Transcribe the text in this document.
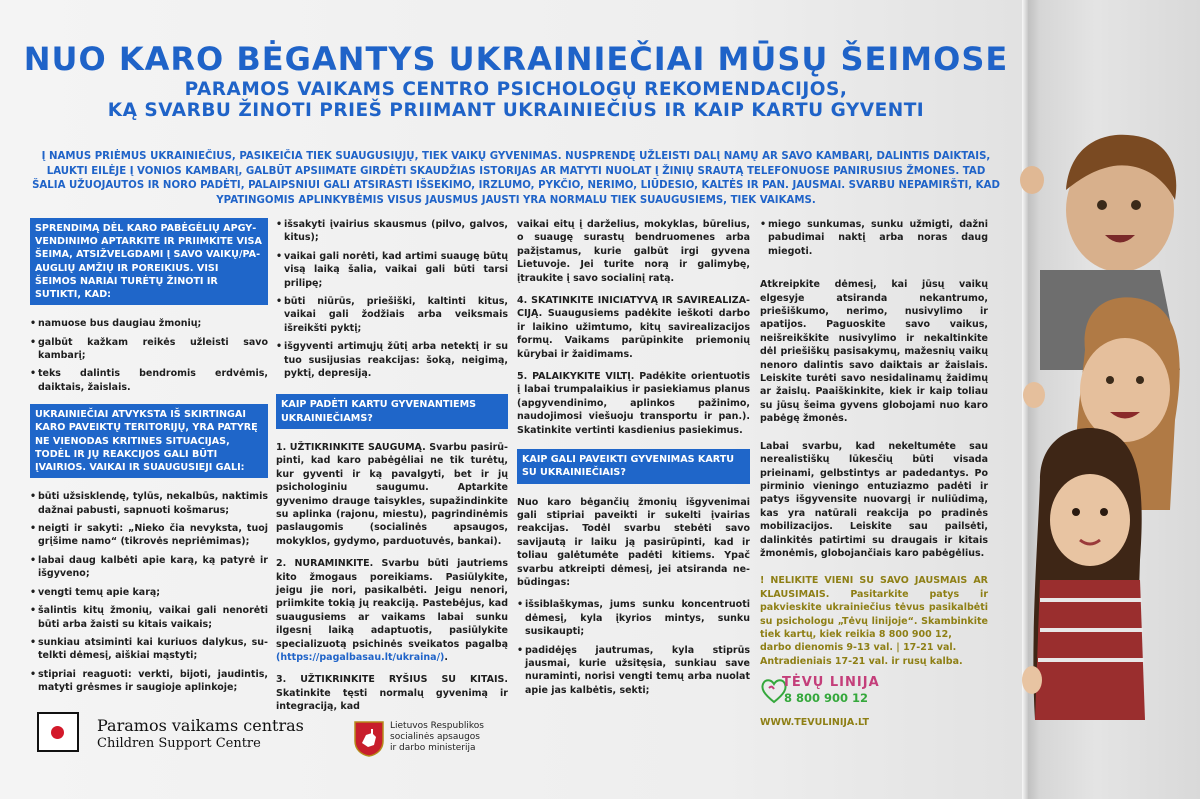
NUO KARO BĖGANTYS UKRAINIEČIAI MŪSŲ ŠEIMOSE
PARAMOS VAIKAMS CENTRO PSICHOLOGŲ REKOMENDACIJOS,
KĄ SVARBU ŽINOTI PRIEŠ PRIIMANT UKRAINIEČIUS IR KAIP KARTU GYVENTI

Į NAMUS PRIĖMUS UKRAINIEČIUS, PASIKEIČIA TIEK SUAUGUSIŲJŲ, TIEK VAIKŲ GYVENIMAS. NUSPRENDĘ UŽLEISTI DALĮ NAMŲ AR SAVO KAMBARĮ, DALINTIS DAIKTAIS, LAUKTI EILĖJE Į VONIOS KAMBARĮ, GALBŪT APSIIMATE GIRDĖTI SKAUDŽIAS ISTORIJAS AR MATYTI NUOLAT Į ŽINIŲ SRAUTĄ TELEFONUOSE PANIRUSIUS ŽMONES. TAD ŠALIA UŽUOJAUTOS IR NORO PADĖTI, PALAIPSNIUI GALI ATSIRASTI IŠSEKIMO, IRZLUMO, PYKČIO, NERIMO, LIŪDESIO, KALTĖS IR PAN. JAUSMAI. SVARBU NEPAMIRŠTI, KAD YPATINGOMIS APLINKYBĖMIS VISUS JAUSMUS JAUSTI YRA NORMALU TIEK SUAUGUSIEMS, TIEK VAIKAMS.

SPRENDIMĄ DĖL KARO PABĖGĖLIŲ APGYVENDINIMO APTARKITE IR PRIIMKITE VISA ŠEIMA, ATSIŽVELGDAMI Į SAVO VAIKŲ/PAAUGLIŲ AMŽIŲ IR POREIKIUS. VISI ŠEIMOS NARIAI TURĖTŲ ŽINOTI IR SUTIKTI, KAD:
• namuose bus daugiau žmonių;
• galbūt kažkam reikės užleisti savo kambarį;
• teks dalintis bendromis erdvėmis, daiktais, žaislais.
UKRAINIEČIAI ATVYKSTA IŠ SKIRTINGAI KARO PAVEIKTŲ TERITORIJŲ, YRA PATYRĘ NE VIENODAS KRITINES SITUACIJAS, TODĖL IR JŲ REAKCIJOS GALI BŪTI ĮVAIRIOS. VAIKAI IR SUAUGUSIEJI GALI:
• būti užsisklendę, tylūs, nekalbūs, naktimis dažnai pabusti, sapnuoti košmarus;
• neigti ir sakyti: „Nieko čia nevyksta, tuoj grįšime namo“ (tikrovės nepriėmimas);
• labai daug kalbėti apie karą, ką patyrė ir išgyveno;
• vengti temų apie karą;
• šalintis kitų žmonių, vaikai gali nenorėti būti arba žaisti su kitais vaikais;
• sunkiau atsiminti kai kuriuos dalykus, sutelkti dėmesį, aiškiai mąstyti;
• stipriai reaguoti: verkti, bijoti, jaudintis, matyti grėsmes ir saugioje aplinkoje;
• išsakyti įvairius skausmus (pilvo, galvos, kitus);
• vaikai gali norėti, kad artimi suaugę būtų visą laiką šalia, vaikai gali būti tarsi prilipę;
• būti niūrūs, priešiški, kaltinti kitus, vaikai gali žodžiais arba veiksmais išreikšti pyktį;
• išgyventi artimųjų žūtį arba netektį ir su tuo susijusias reakcijas: šoką, neigimą, pyktį, depresiją.
KAIP PADĖTI KARTU GYVENANTIEMS UKRAINIEČIAMS?

1. UŽTIKRINKITE SAUGUMĄ. Svarbu pasirūpinti, kad karo pabėgėliai ne tik turėtų, kur gyventi ir ką pavalgyti, bet ir jų psichologiniu saugumu. Aptarkite gyvenimo drauge taisykles, supažindinkite su aplinka (rajonu, miestu), pagrindinėmis paslaugomis (socialinės apsaugos, mokyklos, gydymo, parduotuvės, bankai).

2. NURAMINKITE. Svarbu būti jautriems kito žmogaus poreikiams. Pasiūlykite, jeigu jie nori, pasikalbėti. Jeigu nenori, priimkite tokią jų reakciją. Pastebėjus, kad suaugusiems ar vaikams labai sunku ilgesnį laiką adaptuotis, pasiūlykite specializuotą psichinės sveikatos pagalbą (https://pagalbasau.lt/ukraina/).

3. UŽTIKRINKITE RYŠIUS SU KITAIS. Skatinkite tęsti normalų gyvenimą ir integraciją, kad

vaikai eitų į darželius, mokyklas, būrelius, o suaugę surastų bendruomenes arba pažįstamus, kurie galbūt irgi gyvena Lietuvoje. Jei turite norą ir galimybę, įtraukite į savo socialinį ratą.

4. SKATINKITE INICIATYVĄ IR SAVIREALIZACIJĄ. Suaugusiems padėkite ieškoti darbo ir laikino užimtumo, kitų savirealizacijos formų. Vaikams parūpinkite priemonių kūrybai ir žaidimams.

5. PALAIKYKITE VILTĮ. Padėkite orientuotis į labai trumpalaikius ir pasiekiamus planus (apgyvendinimo, aplinkos pažinimo, naudojimosi viešuoju transportu ir pan.). Skatinkite vertinti kasdienius pasiekimus.

KAIP GALI PAVEIKTI GYVENIMAS KARTU SU UKRAINIEČIAIS?

Nuo karo bėgančių žmonių išgyvenimai gali stipriai paveikti ir sukelti įvairias reakcijas. Todėl svarbu stebėti savo savijautą ir laiku ją pasirūpinti, kad ir toliau galėtumėte padėti kitiems. Ypač svarbu atkreipti dėmesį, jei atsiranda nebūdingas:

• išsiblaškymas, jums sunku koncentruoti dėmesį, kyla įkyrios mintys, sunku susikaupti;
• padidėjęs jautrumas, kyla stiprūs jausmai, kurie užsitęsia, sunkiau save nuraminti, norisi vengti temų arba nuolat apie jas kalbėtis, sekti;
• miego sunkumas, sunku užmigti, dažni pabudimai naktį arba noras daug miegoti.

Atkreipkite dėmesį, kai jūsų vaikų elgesyje atsiranda nekantrumo, priešiškumo, nerimo, nusivylimo ir apatijos. Paguoskite savo vaikus, neišreikškite nusivylimo ir nekaltinkite dėl priešiškų pasisakymų, mažesnių vaikų nenoro dalintis savo daiktais ar žaislais. Leiskite turėti savo nesidalinamų žaidimų ar žaislų. Paaiškinkite, kiek ir kaip toliau su jūsų šeima gyvens globojami nuo karo pabėgę žmonės.

Labai svarbu, kad nekeltumėte sau nerealistiškų lūkesčių būti visada prieinami, gelbstintys ar padedantys. Po pirminio vieningo entuziazmo padėti ir patys išgyvensite nuovargį ir nuliūdimą, kas yra natūrali reakcija po pradinės mobilizacijos. Leiskite sau pailsėti, dalinkitės patirtimi su draugais ir kitais žmonėmis, globojančiais karo pabėgėlius.

! NELIKITE VIENI SU SAVO JAUSMAIS AR KLAUSIMAIS. Pasitarkite patys ir pakvieskite ukrainiečius tėvus pasikalbėti su psichologu „Tėvų linijoje“. Skambinkite tiek kartų, kiek reikia 8 800 900 12,

darbo dienomis 9-13 val. | 17-21 val.
Antradieniais 17-21 val. ir rusų kalba.
TĖVŲ LINIJA
8 800 900 12
WWW.TEVULINIJA.LT
Paramos vaikams centras
Children Support Centre
Lietuvos Respublikos
socialinės apsaugos
ir darbo ministerija
